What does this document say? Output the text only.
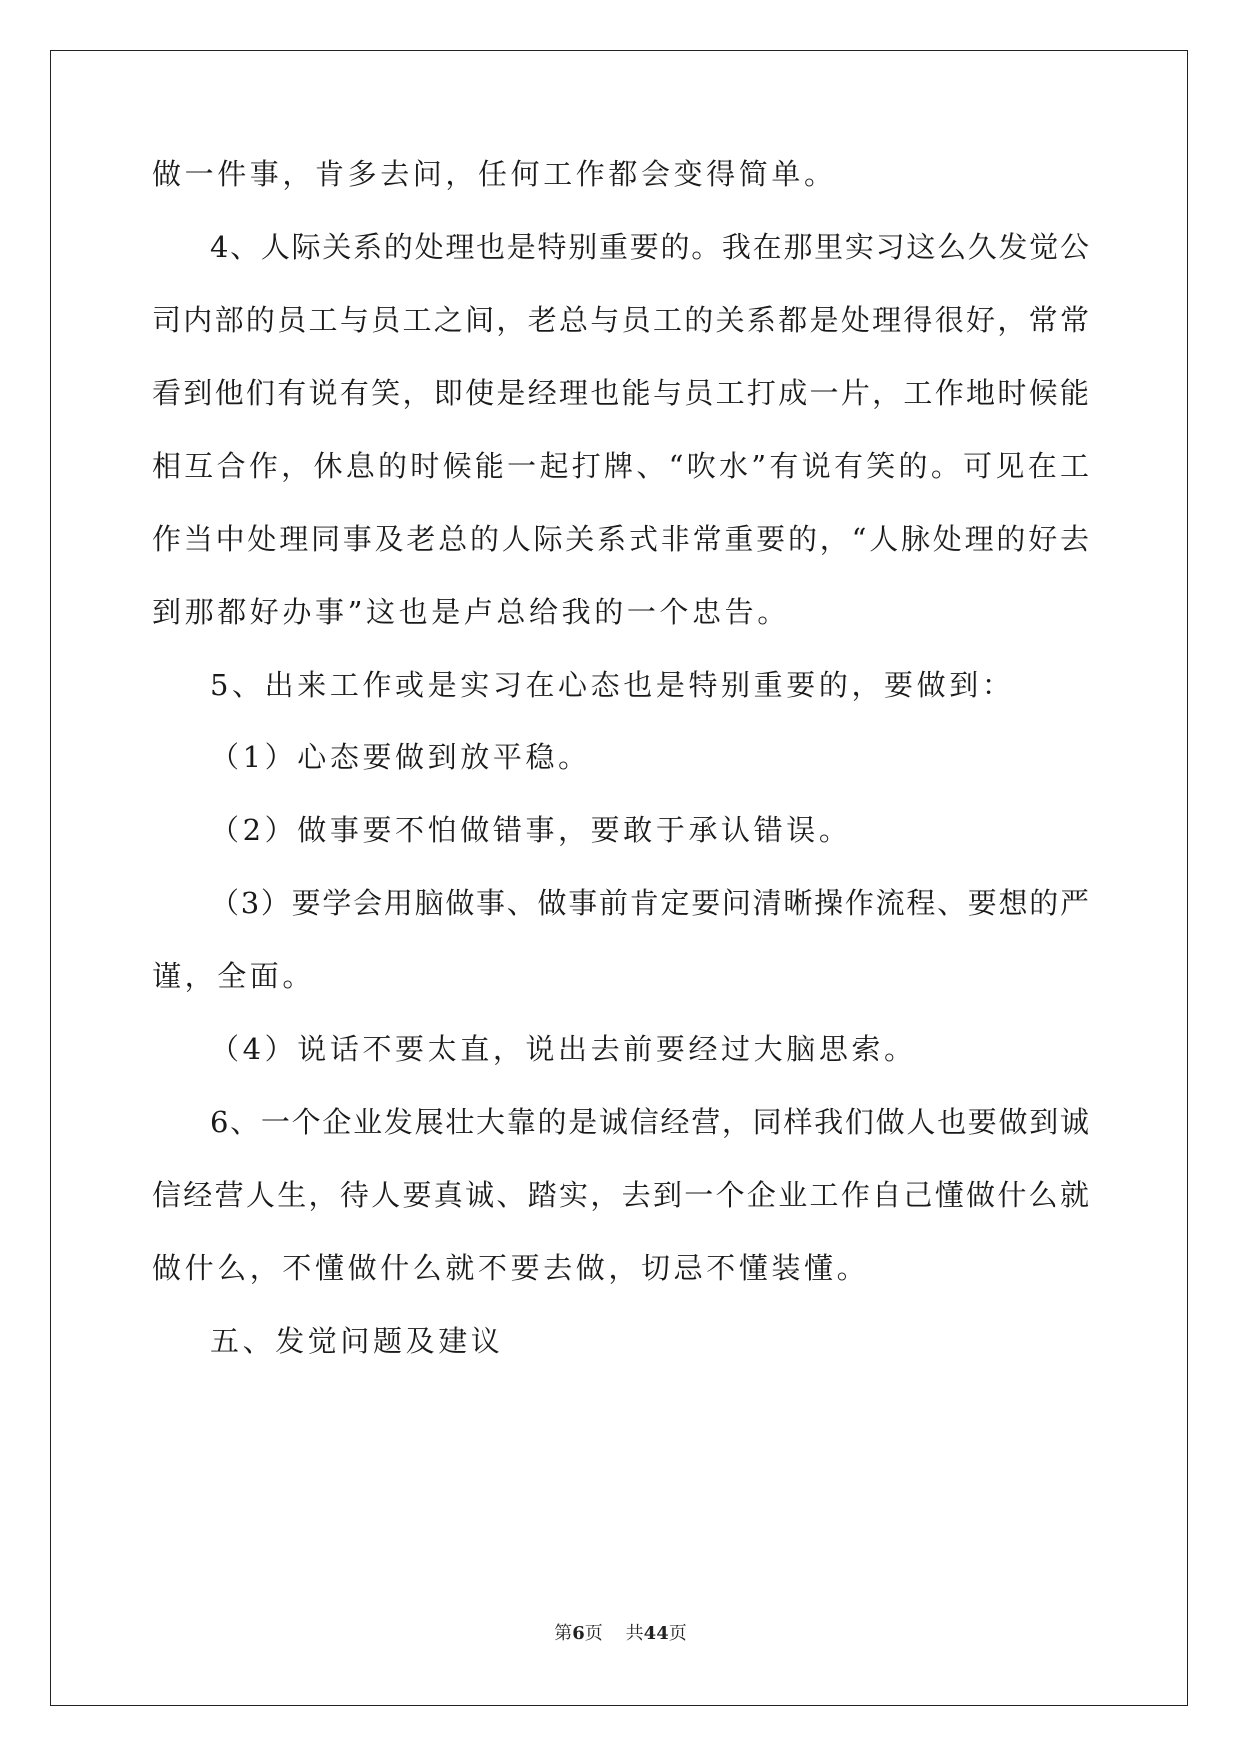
做一件事，肯多去问，任何工作都会变得简单。
4、人际关系的处理也是特别重要的。我在那里实习这么久发觉公
司内部的员工与员工之间，老总与员工的关系都是处理得很好，常常
看到他们有说有笑，即使是经理也能与员工打成一片，工作地时候能
相互合作，休息的时候能一起打牌、“吹水”有说有笑的。可见在工
作当中处理同事及老总的人际关系式非常重要的，“人脉处理的好去
到那都好办事”这也是卢总给我的一个忠告。
5、出来工作或是实习在心态也是特别重要的，要做到：
（1）心态要做到放平稳。
（2）做事要不怕做错事，要敢于承认错误。
（3）要学会用脑做事、做事前肯定要问清晰操作流程、要想的严
谨，全面。
（4）说话不要太直，说出去前要经过大脑思索。
6、一个企业发展壮大靠的是诚信经营，同样我们做人也要做到诚
信经营人生，待人要真诚、踏实，去到一个企业工作自己懂做什么就
做什么，不懂做什么就不要去做，切忌不懂装懂。
五、发觉问题及建议
第6页 共44页
